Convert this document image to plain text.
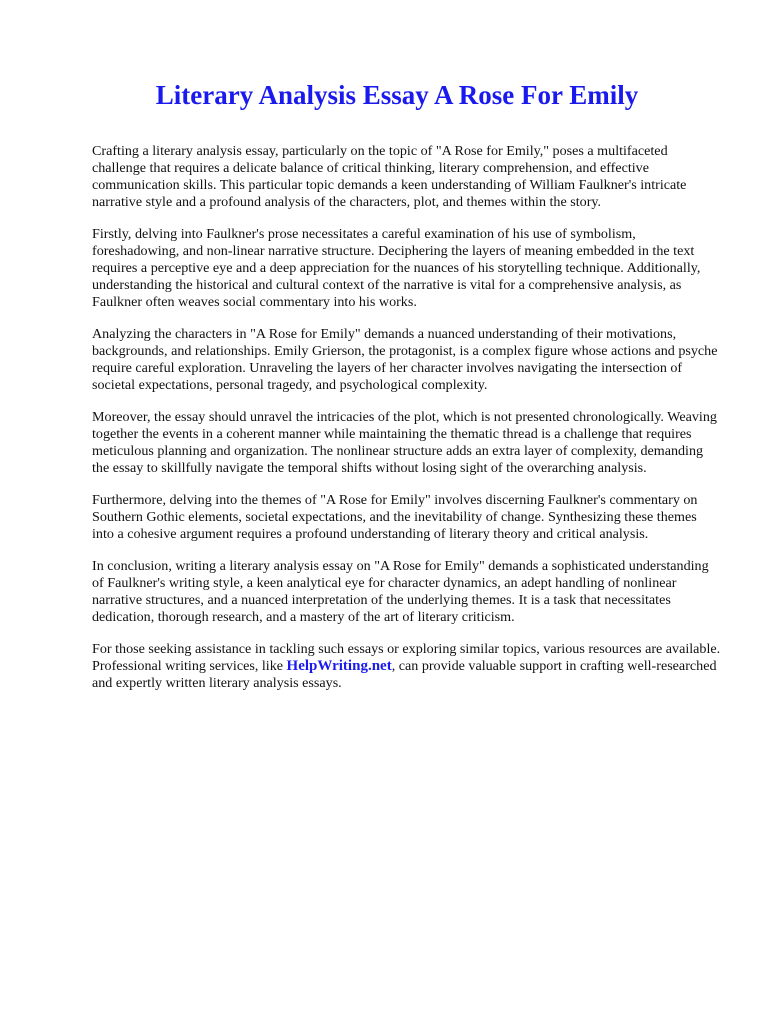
Literary Analysis Essay A Rose For Emily

Crafting a literary analysis essay, particularly on the topic of "A Rose for Emily," poses a multifaceted challenge that requires a delicate balance of critical thinking, literary comprehension, and effective communication skills. This particular topic demands a keen understanding of William Faulkner's intricate narrative style and a profound analysis of the characters, plot, and themes within the story.

Firstly, delving into Faulkner's prose necessitates a careful examination of his use of symbolism, foreshadowing, and non-linear narrative structure. Deciphering the layers of meaning embedded in the text requires a perceptive eye and a deep appreciation for the nuances of his storytelling technique. Additionally, understanding the historical and cultural context of the narrative is vital for a comprehensive analysis, as Faulkner often weaves social commentary into his works.

Analyzing the characters in "A Rose for Emily" demands a nuanced understanding of their motivations, backgrounds, and relationships. Emily Grierson, the protagonist, is a complex figure whose actions and psyche require careful exploration. Unraveling the layers of her character involves navigating the intersection of societal expectations, personal tragedy, and psychological complexity.

Moreover, the essay should unravel the intricacies of the plot, which is not presented chronologically. Weaving together the events in a coherent manner while maintaining the thematic thread is a challenge that requires meticulous planning and organization. The nonlinear structure adds an extra layer of complexity, demanding the essay to skillfully navigate the temporal shifts without losing sight of the overarching analysis.

Furthermore, delving into the themes of "A Rose for Emily" involves discerning Faulkner's commentary on Southern Gothic elements, societal expectations, and the inevitability of change. Synthesizing these themes into a cohesive argument requires a profound understanding of literary theory and critical analysis.

In conclusion, writing a literary analysis essay on "A Rose for Emily" demands a sophisticated understanding of Faulkner's writing style, a keen analytical eye for character dynamics, an adept handling of nonlinear narrative structures, and a nuanced interpretation of the underlying themes. It is a task that necessitates dedication, thorough research, and a mastery of the art of literary criticism.

For those seeking assistance in tackling such essays or exploring similar topics, various resources are available. Professional writing services, like HelpWriting.net, can provide valuable support in crafting well-researched and expertly written literary analysis essays.
